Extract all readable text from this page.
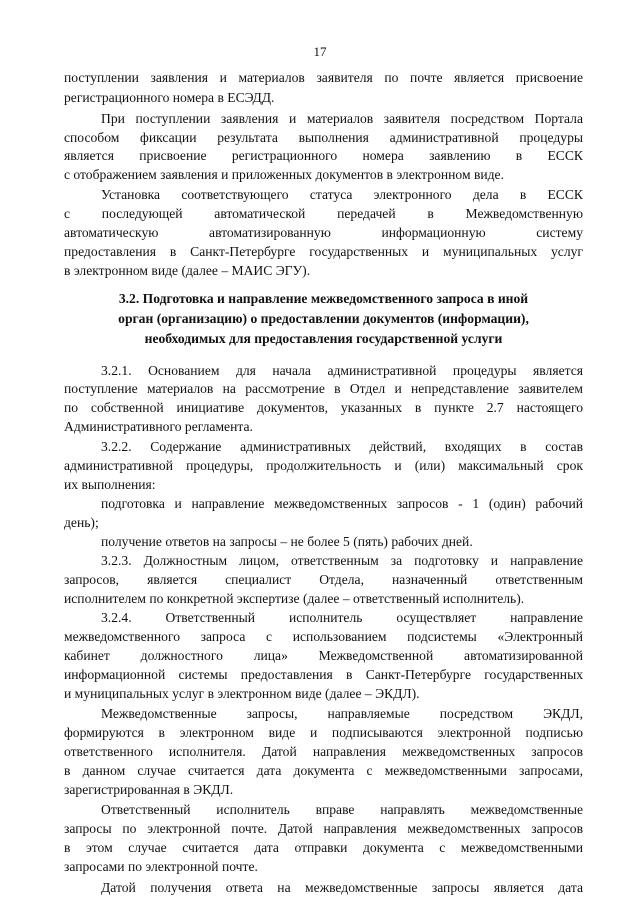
17
поступлении заявления и материалов заявителя по почте является присвоение
регистрационного номера в ЕСЭДД.
При поступлении заявления и материалов заявителя посредством Портала
способом фиксации результата выполнения административной процедуры
является присвоение регистрационного номера заявлению в ЕССК
с отображением заявления и приложенных документов в электронном виде.
Установка соответствующего статуса электронного дела в ЕССК
с последующей автоматической передачей в Межведомственную
автоматическую автоматизированную информационную систему
предоставления в Санкт-Петербурге государственных и муниципальных услуг
в электронном виде (далее – МАИС ЭГУ).
3.2. Подготовка и направление межведомственного запроса в иной
орган (организацию) о предоставлении документов (информации),
необходимых для предоставления государственной услуги
3.2.1. Основанием для начала административной процедуры является
поступление материалов на рассмотрение в Отдел и непредставление заявителем
по собственной инициативе документов, указанных в пункте 2.7 настоящего
Административного регламента.
3.2.2. Содержание административных действий, входящих в состав
административной процедуры, продолжительность и (или) максимальный срок
их выполнения:
подготовка и направление межведомственных запросов - 1 (один) рабочий
день);
получение ответов на запросы – не более 5 (пять) рабочих дней.
3.2.3. Должностным лицом, ответственным за подготовку и направление
запросов, является специалист Отдела, назначенный ответственным
исполнителем по конкретной экспертизе (далее – ответственный исполнитель).
3.2.4. Ответственный исполнитель осуществляет направление
межведомственного запроса с использованием подсистемы «Электронный
кабинет должностного лица» Межведомственной автоматизированной
информационной системы предоставления в Санкт-Петербурге государственных
и муниципальных услуг в электронном виде (далее – ЭКДЛ).
Межведомственные запросы, направляемые посредством ЭКДЛ,
формируются в электронном виде и подписываются электронной подписью
ответственного исполнителя. Датой направления межведомственных запросов
в данном случае считается дата документа с межведомственными запросами,
зарегистрированная в ЭКДЛ.
Ответственный исполнитель вправе направлять межведомственные
запросы по электронной почте. Датой направления межведомственных запросов
в этом случае считается дата отправки документа с межведомственными
запросами по электронной почте.
Датой получения ответа на межведомственные запросы является дата
